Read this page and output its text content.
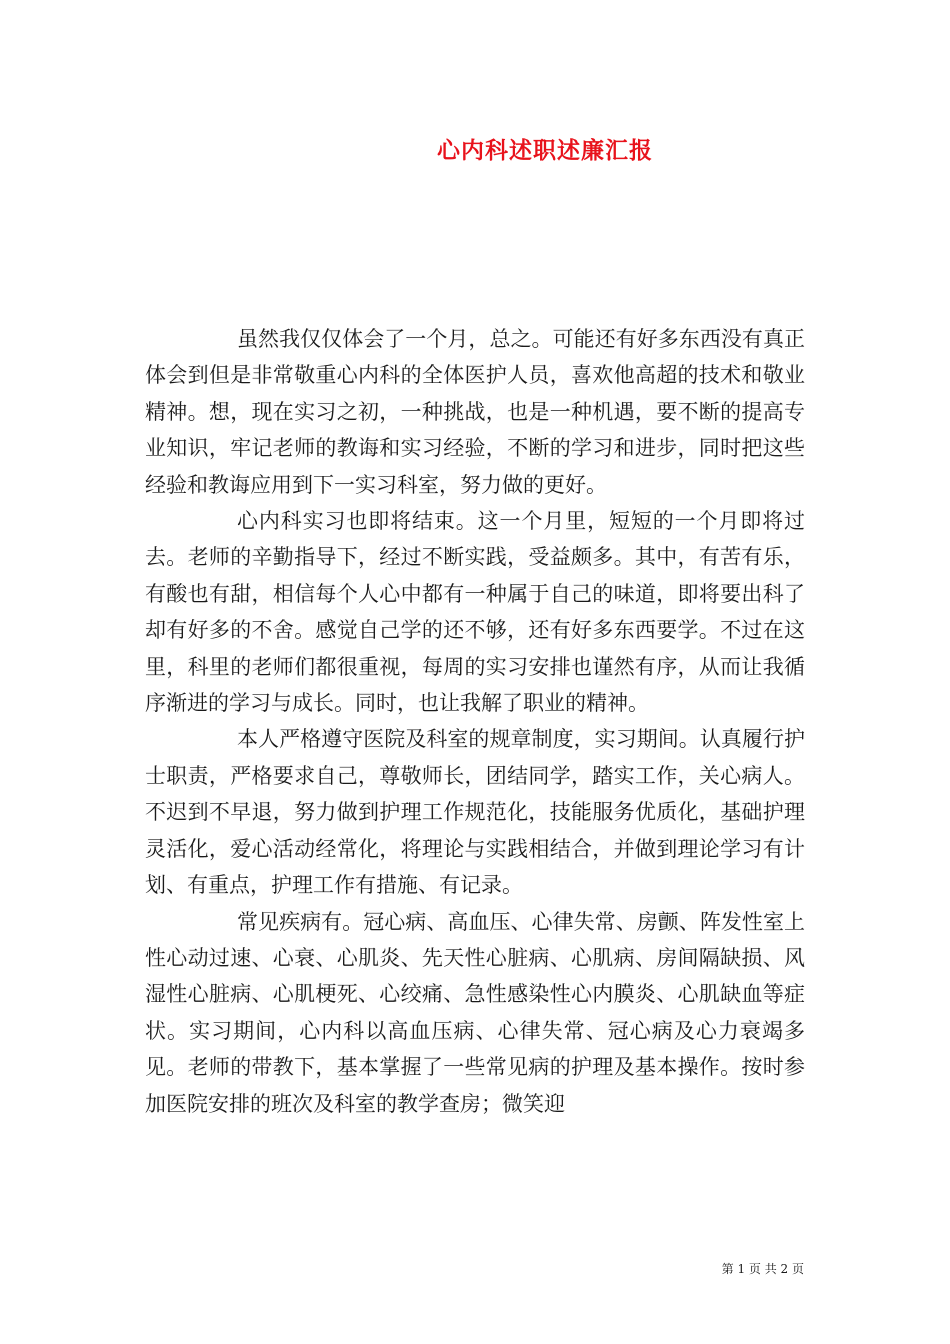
心内科述职述廉汇报

虽然我仅仅体会了一个月，总之。可能还有好多东西没有真正体会到但是非常敬重心内科的全体医护人员，喜欢他高超的技术和敬业精神。想，现在实习之初，一种挑战，也是一种机遇，要不断的提高专业知识，牢记老师的教诲和实习经验，不断的学习和进步，同时把这些经验和教诲应用到下一实习科室，努力做的更好。

心内科实习也即将结束。这一个月里，短短的一个月即将过去。老师的辛勤指导下，经过不断实践，受益颇多。其中，有苦有乐，有酸也有甜，相信每个人心中都有一种属于自己的味道，即将要出科了却有好多的不舍。感觉自己学的还不够，还有好多东西要学。不过在这里，科里的老师们都很重视，每周的实习安排也谨然有序，从而让我循序渐进的学习与成长。同时，也让我解了职业的精神。

本人严格遵守医院及科室的规章制度，实习期间。认真履行护士职责，严格要求自己，尊敬师长，团结同学，踏实工作，关心病人。不迟到不早退，努力做到护理工作规范化，技能服务优质化，基础护理灵活化，爱心活动经常化，将理论与实践相结合，并做到理论学习有计划、有重点，护理工作有措施、有记录。

常见疾病有。冠心病、高血压、心律失常、房颤、阵发性室上性心动过速、心衰、心肌炎、先天性心脏病、心肌病、房间隔缺损、风湿性心脏病、心肌梗死、心绞痛、急性感染性心内膜炎、心肌缺血等症状。实习期间，心内科以高血压病、心律失常、冠心病及心力衰竭多见。老师的带教下，基本掌握了一些常见病的护理及基本操作。按时参加医院安排的班次及科室的教学查房；微笑迎

第 1 页 共 2 页
